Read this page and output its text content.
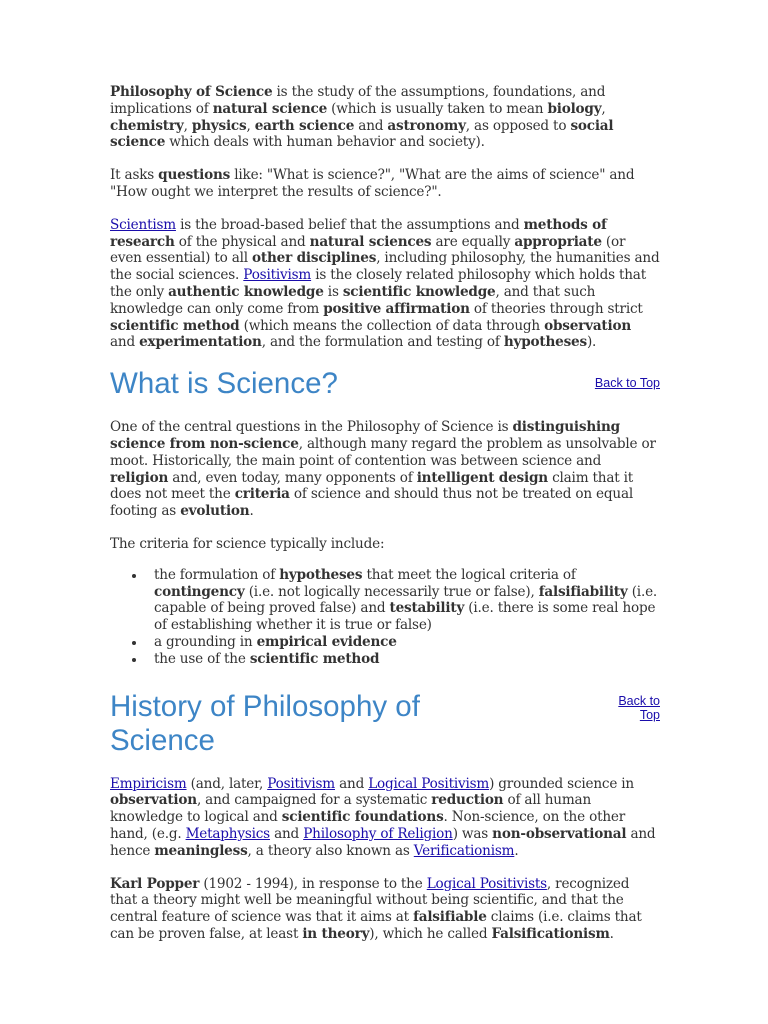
Philosophy of Science is the study of the assumptions, foundations, and implications of natural science (which is usually taken to mean biology, chemistry, physics, earth science and astronomy, as opposed to social science which deals with human behavior and society).

It asks questions like: "What is science?", "What are the aims of science" and "How ought we interpret the results of science?".

Scientism is the broad-based belief that the assumptions and methods of research of the physical and natural sciences are equally appropriate (or even essential) to all other disciplines, including philosophy, the humanities and the social sciences. Positivism is the closely related philosophy which holds that the only authentic knowledge is scientific knowledge, and that such knowledge can only come from positive affirmation of theories through strict scientific method (which means the collection of data through observation and experimentation, and the formulation and testing of hypotheses).

What is Science?	Back to Top

One of the central questions in the Philosophy of Science is distinguishing science from non-science, although many regard the problem as unsolvable or moot. Historically, the main point of contention was between science and religion and, even today, many opponents of intelligent design claim that it does not meet the criteria of science and should thus not be treated on equal footing as evolution.

The criteria for science typically include:

the formulation of hypotheses that meet the logical criteria of contingency (i.e. not logically necessarily true or false), falsifiability (i.e. capable of being proved false) and testability (i.e. there is some real hope of establishing whether it is true or false)
a grounding in empirical evidence
the use of the scientific method
History of Philosophy of Science
Back to
Top

Empiricism (and, later, Positivism and Logical Positivism) grounded science in observation, and campaigned for a systematic reduction of all human knowledge to logical and scientific foundations. Non-science, on the other hand, (e.g. Metaphysics and Philosophy of Religion) was non-observational and hence meaningless, a theory also known as Verificationism.

Karl Popper (1902 - 1994), in response to the Logical Positivists, recognized that a theory might well be meaningful without being scientific, and that the central feature of science was that it aims at falsifiable claims (i.e. claims that can be proven false, at least in theory), which he called Falsificationism.
